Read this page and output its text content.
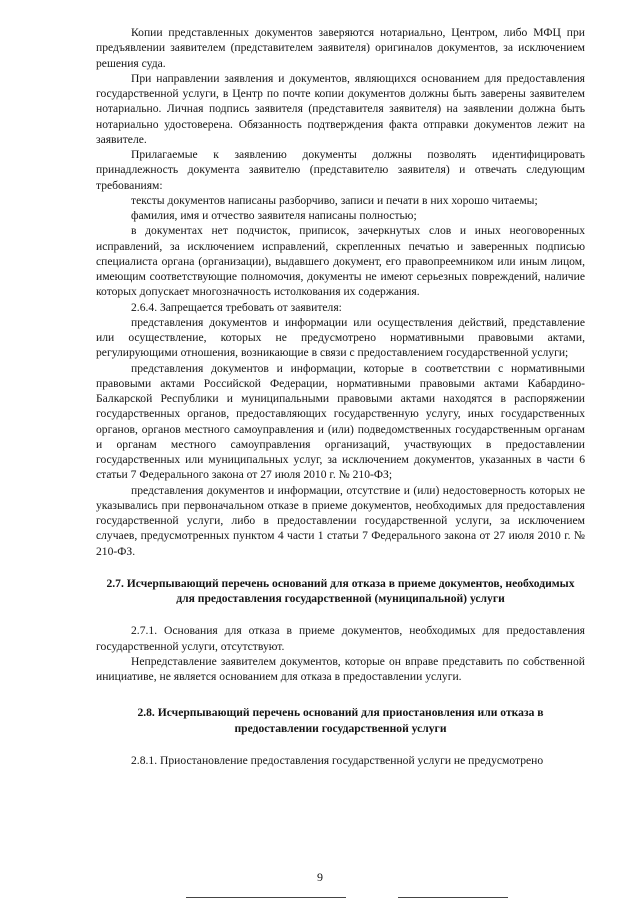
Копии представленных документов заверяются нотариально, Центром, либо МФЦ при предъявлении заявителем (представителем заявителя) оригиналов документов, за исключением решения суда.

При направлении заявления и документов, являющихся основанием для предоставления государственной услуги, в Центр по почте копии документов должны быть заверены заявителем нотариально. Личная подпись заявителя (представителя заявителя) на заявлении должна быть нотариально удостоверена. Обязанность подтверждения факта отправки документов лежит на заявителе.

Прилагаемые к заявлению документы должны позволять идентифицировать принадлежность документа заявителю (представителю заявителя) и отвечать следующим требованиям:

тексты документов написаны разборчиво, записи и печати в них хорошо читаемы;

фамилия, имя и отчество заявителя написаны полностью;

в документах нет подчисток, приписок, зачеркнутых слов и иных неоговоренных исправлений, за исключением исправлений, скрепленных печатью и заверенных подписью специалиста органа (организации), выдавшего документ, его правопреемником или иным лицом, имеющим соответствующие полномочия, документы не имеют серьезных повреждений, наличие которых допускает многозначность истолкования их содержания.

2.6.4. Запрещается требовать от заявителя:

представления документов и информации или осуществления действий, представление или осуществление, которых не предусмотрено нормативными правовыми актами, регулирующими отношения, возникающие в связи с предоставлением государственной услуги;

представления документов и информации, которые в соответствии с нормативными правовыми актами Российской Федерации, нормативными правовыми актами Кабардино-Балкарской Республики и муниципальными правовыми актами находятся в распоряжении государственных органов, предоставляющих государственную услугу, иных государственных органов, органов местного самоуправления и (или) подведомственных государственным органам и органам местного самоуправления организаций, участвующих в предоставлении государственных или муниципальных услуг, за исключением документов, указанных в части 6 статьи 7 Федерального закона от 27 июля 2010 г. № 210-ФЗ;

представления документов и информации, отсутствие и (или) недостоверность которых не указывались при первоначальном отказе в приеме документов, необходимых для предоставления государственной услуги, либо в предоставлении государственной услуги, за исключением случаев, предусмотренных пунктом 4 части 1 статьи 7 Федерального закона от 27 июля 2010 г. № 210-ФЗ.

2.7. Исчерпывающий перечень оснований для отказа в приеме документов, необходимых для предоставления государственной (муниципальной) услуги

2.7.1. Основания для отказа в приеме документов, необходимых для предоставления государственной услуги, отсутствуют.

Непредставление заявителем документов, которые он вправе представить по собственной инициативе, не является основанием для отказа в предоставлении услуги.

2.8. Исчерпывающий перечень оснований для приостановления или отказа в предоставлении государственной услуги

2.8.1. Приостановление предоставления государственной услуги не предусмотрено

9
